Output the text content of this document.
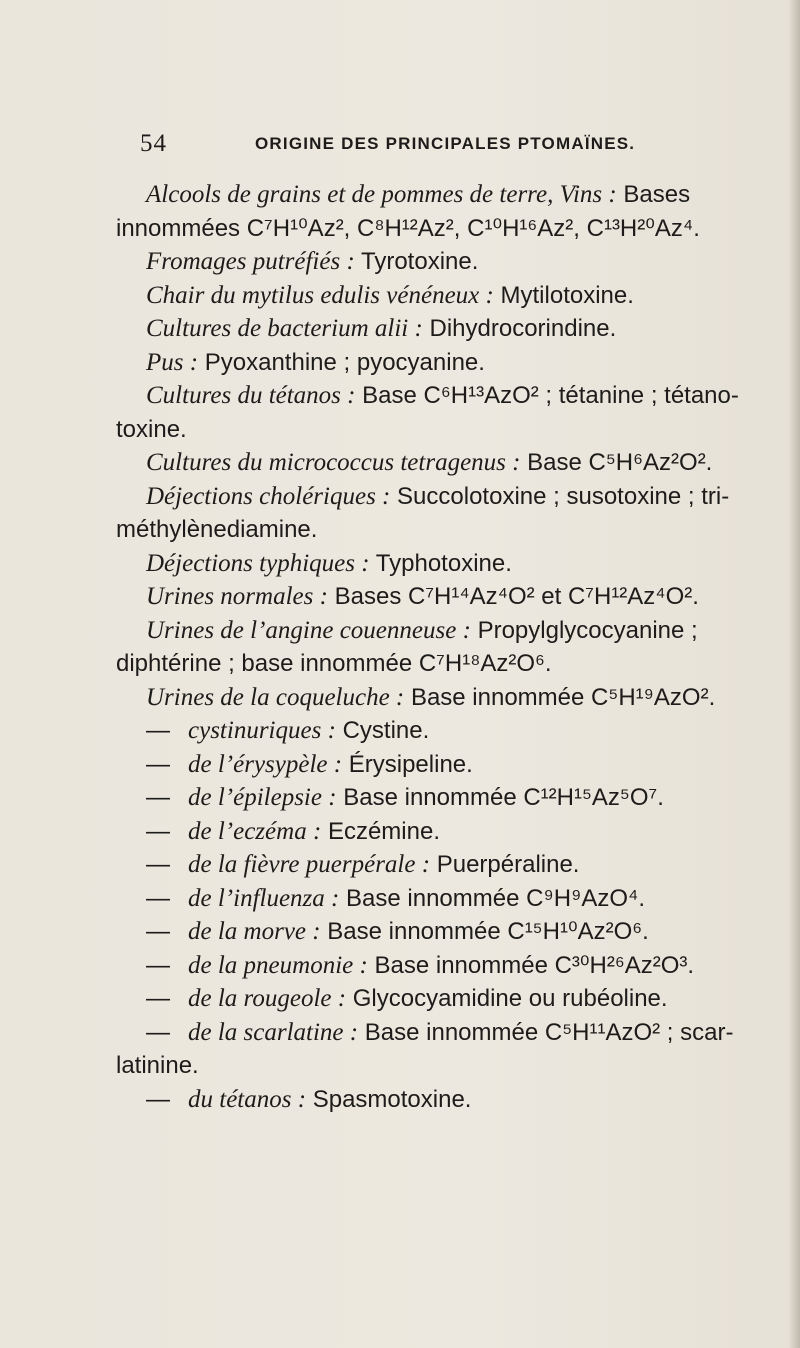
54	ORIGINE DES PRINCIPALES PTOMAÏNES.
Alcools de grains et de pommes de terre, Vins : Bases
innommées C⁷H¹⁰Az², C⁸H¹²Az², C¹⁰H¹⁶Az², C¹³H²⁰Az⁴.
Fromages putréfiés : Tyrotoxine.
Chair du mytilus edulis vénéneux : Mytilotoxine.
Cultures de bacterium alii : Dihydrocorindine.
Pus : Pyoxanthine ; pyocyanine.
Cultures du tétanos : Base C⁶H¹³AzO² ; tétanine ; tétano-
toxine.
Cultures du micrococcus tetragenus : Base C⁵H⁶Az²O².
Déjections cholériques : Succolotoxine ; susotoxine ; tri-
méthylènediamine.
Déjections typhiques : Typhotoxine.
Urines normales : Bases C⁷H¹⁴Az⁴O² et C⁷H¹²Az⁴O².
Urines de l’angine couenneuse : Propylglycocyanine ;
diphtérine ; base innommée C⁷H¹⁸Az²O⁶.
Urines de la coqueluche : Base innommée C⁵H¹⁹AzO².
— cystinuriques : Cystine.
— de l’érysypèle : Érysipeline.
— de l’épilepsie : Base innommée C¹²H¹⁵Az⁵O⁷.
— de l’eczéma : Eczémine.
— de la fièvre puerpérale : Puerpéraline.
— de l’influenza : Base innommée C⁹H⁹AzO⁴.
— de la morve : Base innommée C¹⁵H¹⁰Az²O⁶.
— de la pneumonie : Base innommée C³⁰H²⁶Az²O³.
— de la rougeole : Glycocyamidine ou rubéoline.
— de la scarlatine : Base innommée C⁵H¹¹AzO² ; scar-
latinine.
— du tétanos : Spasmotoxine.
